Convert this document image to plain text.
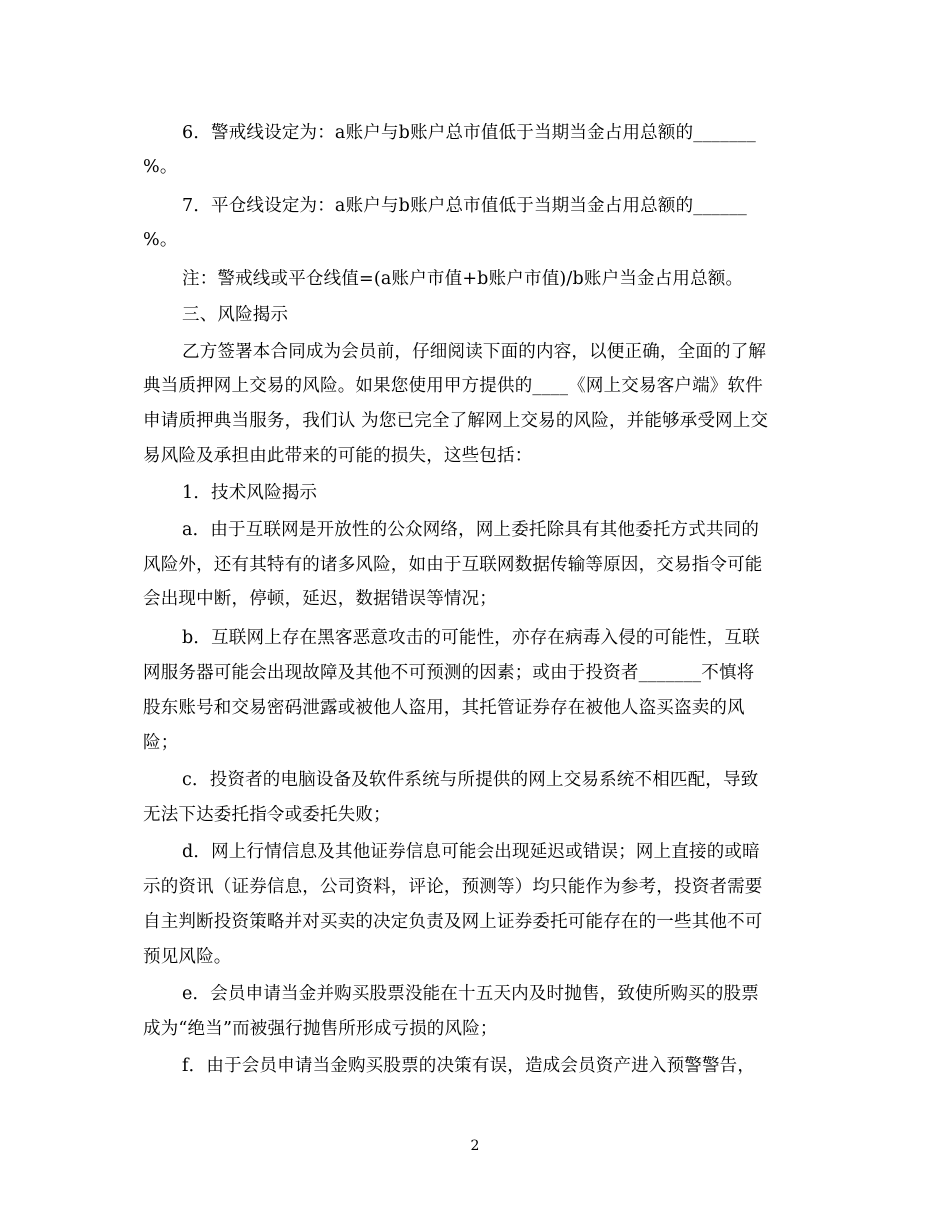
6．警戒线设定为：a账户与b账户总市值低于当期当金占用总额的_______
%。
7．平仓线设定为：a账户与b账户总市值低于当期当金占用总额的______
%。
注：警戒线或平仓线值=(a账户市值+b账户市值)/b账户当金占用总额。
三、风险揭示
乙方签署本合同成为会员前，仔细阅读下面的内容，以便正确，全面的了解
典当质押网上交易的风险。如果您使用甲方提供的____《网上交易客户端》软件
申请质押典当服务，我们认 为您已完全了解网上交易的风险，并能够承受网上交
易风险及承担由此带来的可能的损失，这些包括：
1．技术风险揭示
a．由于互联网是开放性的公众网络，网上委托除具有其他委托方式共同的
风险外，还有其特有的诸多风险，如由于互联网数据传输等原因，交易指令可能
会出现中断，停顿，延迟，数据错误等情况；
b．互联网上存在黑客恶意攻击的可能性，亦存在病毒入侵的可能性，互联
网服务器可能会出现故障及其他不可预测的因素；或由于投资者_______不慎将
股东账号和交易密码泄露或被他人盗用，其托管证券存在被他人盗买盗卖的风
险；
c．投资者的电脑设备及软件系统与所提供的网上交易系统不相匹配，导致
无法下达委托指令或委托失败；
d．网上行情信息及其他证券信息可能会出现延迟或错误；网上直接的或暗
示的资讯（证券信息，公司资料，评论，预测等）均只能作为参考，投资者需要
自主判断投资策略并对买卖的决定负责及网上证券委托可能存在的一些其他不可
预见风险。
e．会员申请当金并购买股票没能在十五天内及时抛售，致使所购买的股票
成为“绝当”而被强行抛售所形成亏损的风险；
f．由于会员申请当金购买股票的决策有误，造成会员资产进入预警警告，
2
